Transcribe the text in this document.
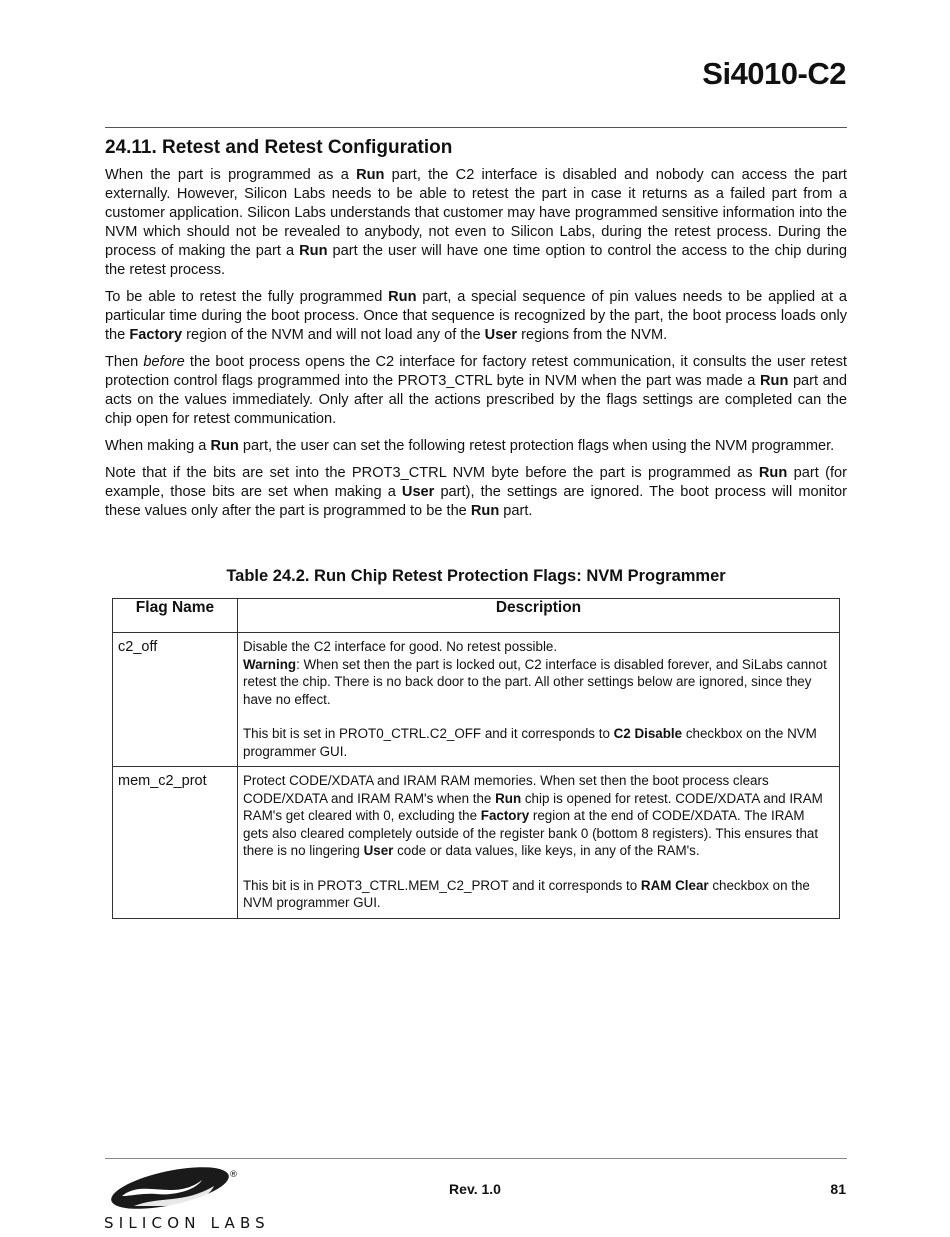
Si4010-C2
24.11. Retest and Retest Configuration

When the part is programmed as a Run part, the C2 interface is disabled and nobody can access the part externally. However, Silicon Labs needs to be able to retest the part in case it returns as a failed part from a customer application. Silicon Labs understands that customer may have programmed sensitive information into the NVM which should not be revealed to anybody, not even to Silicon Labs, during the retest process. During the process of making the part a Run part the user will have one time option to control the access to the chip during the retest process.

To be able to retest the fully programmed Run part, a special sequence of pin values needs to be applied at a particular time during the boot process. Once that sequence is recognized by the part, the boot process loads only the Factory region of the NVM and will not load any of the User regions from the NVM.

Then before the boot process opens the C2 interface for factory retest communication, it consults the user retest protection control flags programmed into the PROT3_CTRL byte in NVM when the part was made a Run part and acts on the values immediately. Only after all the actions prescribed by the flags settings are completed can the chip open for retest communication.

When making a Run part, the user can set the following retest protection flags when using the NVM programmer.

Note that if the bits are set into the PROT3_CTRL NVM byte before the part is programmed as Run part (for example, those bits are set when making a User part), the settings are ignored. The boot process will monitor these values only after the part is programmed to be the Run part.

Table 24.2. Run Chip Retest Protection Flags: NVM Programmer
Flag Name	Description
c2_off	Disable the C2 interface for good. No retest possible.
Warning: When set then the part is locked out, C2 interface is disabled forever, and SiLabs cannot retest the chip. There is no back door to the part. All other settings below are ignored, since they have no effect.

This bit is set in PROT0_CTRL.C2_OFF and it corresponds to C2 Disable checkbox on the NVM programmer GUI.

mem_c2_prot	Protect CODE/XDATA and IRAM RAM memories. When set then the boot process clears CODE/XDATA and IRAM RAM's when the Run chip is opened for retest. CODE/XDATA and IRAM RAM's get cleared with 0, excluding the Factory region at the end of CODE/XDATA. The IRAM gets also cleared completely outside of the register bank 0 (bottom 8 registers). This ensures that there is no lingering User code or data values, like keys, in any of the RAM's.

This bit is in PROT3_CTRL.MEM_C2_PROT and it corresponds to RAM Clear checkbox on the NVM programmer GUI.

®
SILICON LABS
Rev. 1.0	81
